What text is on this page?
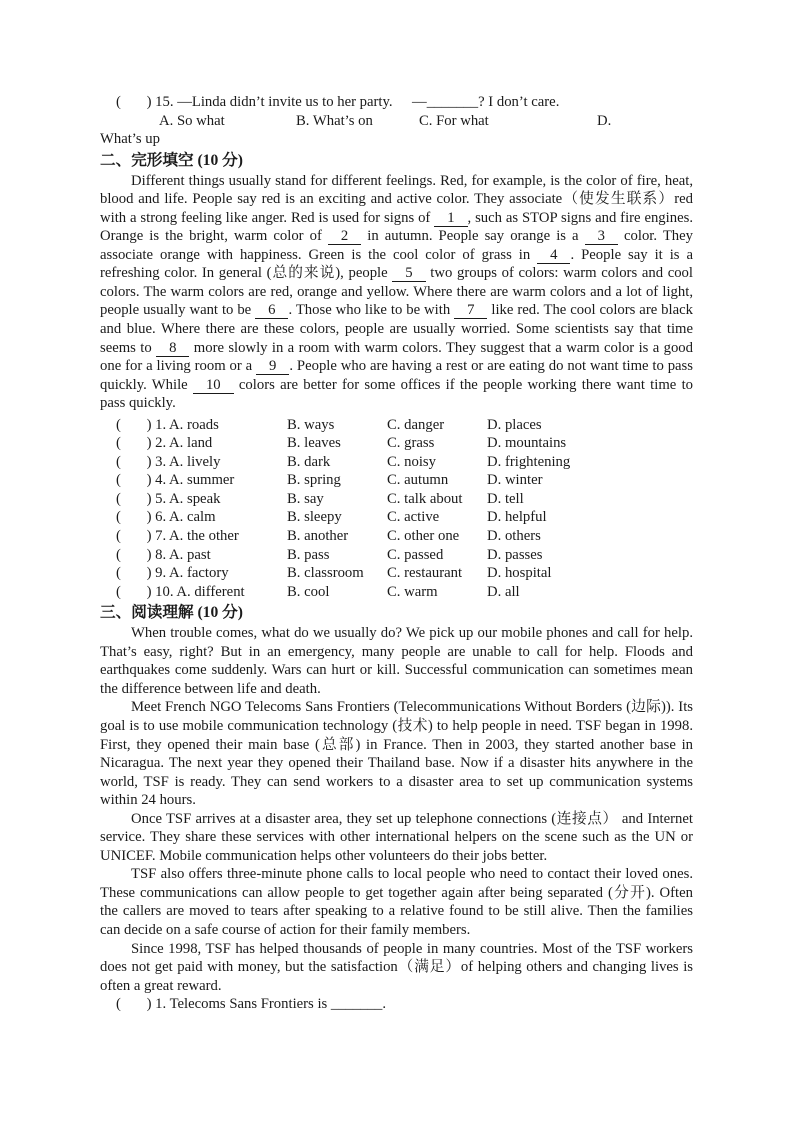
(       ) 15. —Linda didn’t invite us to her party. —_______? I don’t care.
A. So what	B. What’s on	C. For what	D.
What’s up
二、完形填空 (10 分)

Different things usually stand for different feelings. Red, for example, is the color of fire, heat, blood and life. People say red is an exciting and active color. They associate（使发生联系）red with a strong feeling like anger. Red is used for signs of 1 , such as STOP signs and fire engines. Orange is the bright, warm color of 2 in autumn. People say orange is a 3 color. They associate orange with happiness. Green is the cool color of grass in 4 . People say it is a refreshing color. In general (总的来说), people 5 two groups of colors: warm colors and cool colors. The warm colors are red, orange and yellow. Where there are warm colors and a lot of light, people usually want to be 6 . Those who like to be with 7 like red. The cool colors are black and blue. Where there are these colors, people are usually worried. Some scientists say that time seems to 8 more slowly in a room with warm colors. They suggest that a warm color is a good one for a living room or a 9 . People who are having a rest or are eating do not want time to pass quickly. While 10 colors are better for some offices if the people working there want time to pass quickly.

(       ) 1. A. roads	B. ways	C. danger	D. places
(       ) 2. A. land	B. leaves	C. grass	D. mountains
(       ) 3. A. lively	B. dark	C. noisy	D. frightening
(       ) 4. A. summer	B. spring	C. autumn	D. winter
(       ) 5. A. speak	B. say	C. talk about D. tell
(       ) 6. A. calm	B. sleepy	C. active	D. helpful
(       ) 7. A. the other	B. another	C. other one D. others
(       ) 8. A. past	B. pass	C. passed	D. passes
(       ) 9. A. factory	B. classroom C. restaurant D. hospital
(       ) 10. A. different	B. cool	C. warm	D. all
三、阅读理解 (10 分)

When trouble comes, what do we usually do? We pick up our mobile phones and call for help. That’s easy, right? But in an emergency, many people are unable to call for help. Floods and earthquakes come suddenly. Wars can hurt or kill. Successful communication can sometimes mean the difference between life and death.

Meet French NGO Telecoms Sans Frontiers (Telecommunications Without Borders (边际)). Its goal is to use mobile communication technology (技术) to help people in need. TSF began in 1998. First, they opened their main base (总部) in France. Then in 2003, they started another base in Nicaragua. The next year they opened their Thailand base. Now if a disaster hits anywhere in the world, TSF is ready. They can send workers to a disaster area to set up communication systems within 24 hours.

Once TSF arrives at a disaster area, they set up telephone connections (连接点） and Internet service. They share these services with other international helpers on the scene such as the UN or UNICEF. Mobile communication helps other volunteers do their jobs better.

TSF also offers three-minute phone calls to local people who need to contact their loved ones. These communications can allow people to get together again after being separated (分开). Often the callers are moved to tears after speaking to a relative found to be still alive. Then the families can decide on a safe course of action for their family members.

Since 1998, TSF has helped thousands of people in many countries. Most of the TSF workers does not get paid with money, but the satisfaction（满足）of helping others and changing lives is often a great reward.

(       ) 1. Telecoms Sans Frontiers is _______.
